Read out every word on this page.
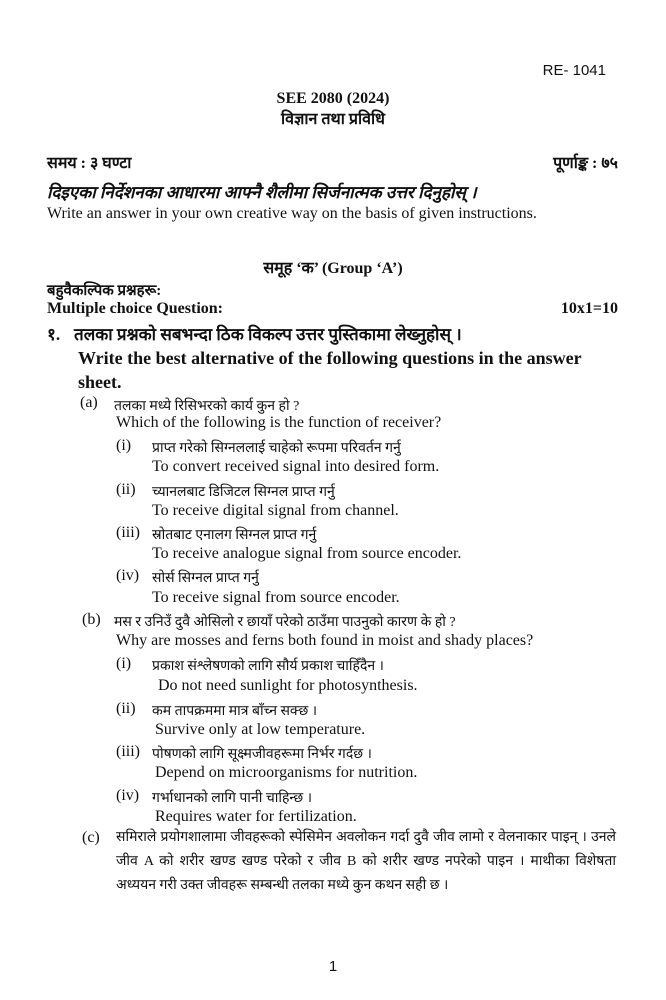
RE- 1041
SEE 2080 (2024)
विज्ञान तथा प्रविधि
समय : ३ घण्टा	पूर्णाङ्क : ७५
दिइएका निर्देशनका आधारमा आफ्नै शैलीमा सिर्जनात्मक उत्तर दिनुहोस् ।
Write an answer in your own creative way on the basis of given instructions.
समूह ‘क’ (Group ‘A’)
बहुवैकल्पिक प्रश्नहरू:
Multiple choice Question:	10x1=10
१. तलका प्रश्नको सबभन्दा ठिक विकल्प उत्तर पुस्तिकामा लेख्नुहोस् ।
Write the best alternative of the following questions in the answer sheet.
(a) तलका मध्ये रिसिभरको कार्य कुन हो ?
Which of the following is the function of receiver?
(i) प्राप्त गरेको सिग्नललाई चाहेको रूपमा परिवर्तन गर्नु
To convert received signal into desired form.
(ii) च्यानलबाट डिजिटल सिग्नल प्राप्त गर्नु
To receive digital signal from channel.
(iii) स्रोतबाट एनालग सिग्नल प्राप्त गर्नु
To receive analogue signal from source encoder.
(iv) सोर्स सिग्नल प्राप्त गर्नु
To receive signal from source encoder.
(b) मस र उनिउँ दुवै ओसिलो र छायाँ परेको ठाउँमा पाउनुको कारण के हो ?
Why are mosses and ferns both found in moist and shady places?
(i) प्रकाश संश्लेषणको लागि सौर्य प्रकाश चाहिँदैन ।
Do not need sunlight for photosynthesis.
(ii) कम तापक्रममा मात्र बाँच्न सक्छ ।
Survive only at low temperature.
(iii) पोषणको लागि सूक्ष्मजीवहरूमा निर्भर गर्दछ ।
Depend on microorganisms for nutrition.
(iv) गर्भाधानको लागि पानी चाहिन्छ ।
Requires water for fertilization.
(c) समिराले प्रयोगशालामा जीवहरूको स्पेसिमेन अवलोकन गर्दा दुवै जीव लामो र वेलनाकार पाइन् । उनले जीव A को शरीर खण्ड खण्ड परेको र जीव B को शरीर खण्ड नपरेको पाइन । माथीका विशेषता अध्ययन गरी उक्त जीवहरू सम्बन्धी तलका मध्ये कुन कथन सही छ ।
1
